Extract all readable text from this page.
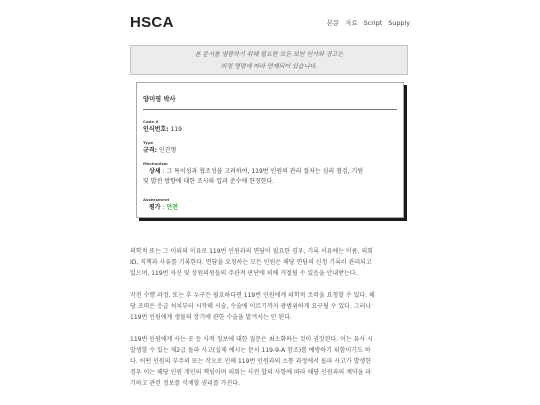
HSCA	본문 자료 Script Supply
본 문서를 열람하기 위해 필요한 모든 보안 인가와 경고는
의정 명령에 따라 면제되어 있습니다.
양미영 박사
Code #
인식번호: 119
Type
규격: 인간형
Mechanism
상세 : 그 특이성과 협조성을 고려하여, 119번 인원의 관리 절차는 심리 점검, 기원
및 발전 방향에 대한 조사와 입과 준수에 한정한다.
Assessment
평가 : 안전

의학적 또는 그 이외의 이유로 119번 인원과의 면담이 필요한 경우, 기록 서류에는 이름, 의회
ID, 직책과 사유를 기록한다. 면담을 요청하는 모든 인원은 해당 면담의 신청 기록이 관리되고
있으며, 119번 자신 및 상원의원들의 주관적 판단에 의해 거절될 수 있음을 안내받는다.

작전 수행 과정, 또는 후 누구든 필요하다면 119번 인원에게 의학적 조력을 요청할 수 있다. 해
당 조력은 응급 처치부터 시작해 시술, 수술에 이르기까지 광범위하게 요구될 수 있다. 그러나
119번 인원에게 생물의 장기에 관한 수술을 맡겨서는 안 된다.

119번 인원에게 사는 곳 등 사적 정보에 대한 질문은 최소화하는 것이 권장된다. 이는 유사 시
발생할 수 있는 제2급 돌파 사고(실제 예시는 문서 119-9-A 참조)를 예방하기 위함이기도 하
다. 어떤 인원의 부주의 또는 작오로 인해 119번 인원과의 소통 과정에서 돌파 사고가 발생한
경우 이는 해당 인원 개인의 책임이며 의회는 사전 합의 사항에 따라 해당 인원과의 계약을 파
기하고 관련 정보를 삭제할 권리를 가진다.
